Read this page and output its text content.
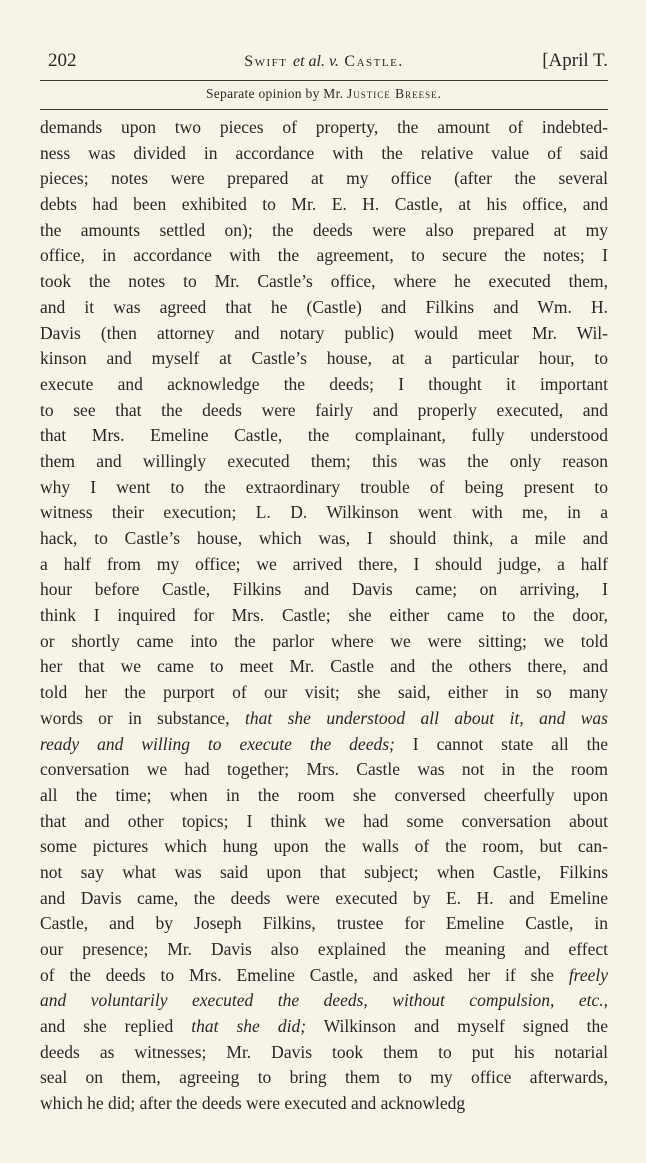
202	Swift et al. v. Castle.	[April T.
Separate opinion by Mr. Justice Breese.
demands upon two pieces of property, the amount of indebted-
ness was divided in accordance with the relative value of said
pieces; notes were prepared at my office (after the several
debts had been exhibited to Mr. E. H. Castle, at his office, and
the amounts settled on); the deeds were also prepared at my
office, in accordance with the agreement, to secure the notes; I
took the notes to Mr. Castle’s office, where he executed them,
and it was agreed that he (Castle) and Filkins and Wm. H.
Davis (then attorney and notary public) would meet Mr. Wil-
kinson and myself at Castle’s house, at a particular hour, to
execute and acknowledge the deeds; I thought it important
to see that the deeds were fairly and properly executed, and
that Mrs. Emeline Castle, the complainant, fully understood
them and willingly executed them; this was the only reason
why I went to the extraordinary trouble of being present to
witness their execution; L. D. Wilkinson went with me, in a
hack, to Castle’s house, which was, I should think, a mile and
a half from my office; we arrived there, I should judge, a half
hour before Castle, Filkins and Davis came; on arriving, I
think I inquired for Mrs. Castle; she either came to the door,
or shortly came into the parlor where we were sitting; we told
her that we came to meet Mr. Castle and the others there, and
told her the purport of our visit; she said, either in so many
words or in substance, that she understood all about it, and was
ready and willing to execute the deeds; I cannot state all the
conversation we had together; Mrs. Castle was not in the room
all the time; when in the room she conversed cheerfully upon
that and other topics; I think we had some conversation about
some pictures which hung upon the walls of the room, but can-
not say what was said upon that subject; when Castle, Filkins
and Davis came, the deeds were executed by E. H. and Emeline
Castle, and by Joseph Filkins, trustee for Emeline Castle, in
our presence; Mr. Davis also explained the meaning and effect
of the deeds to Mrs. Emeline Castle, and asked her if she freely
and voluntarily executed the deeds, without compulsion, etc.,
and she replied that she did; Wilkinson and myself signed the
deeds as witnesses; Mr. Davis took them to put his notarial
seal on them, agreeing to bring them to my office afterwards,
which he did; after the deeds were executed and acknowledg
